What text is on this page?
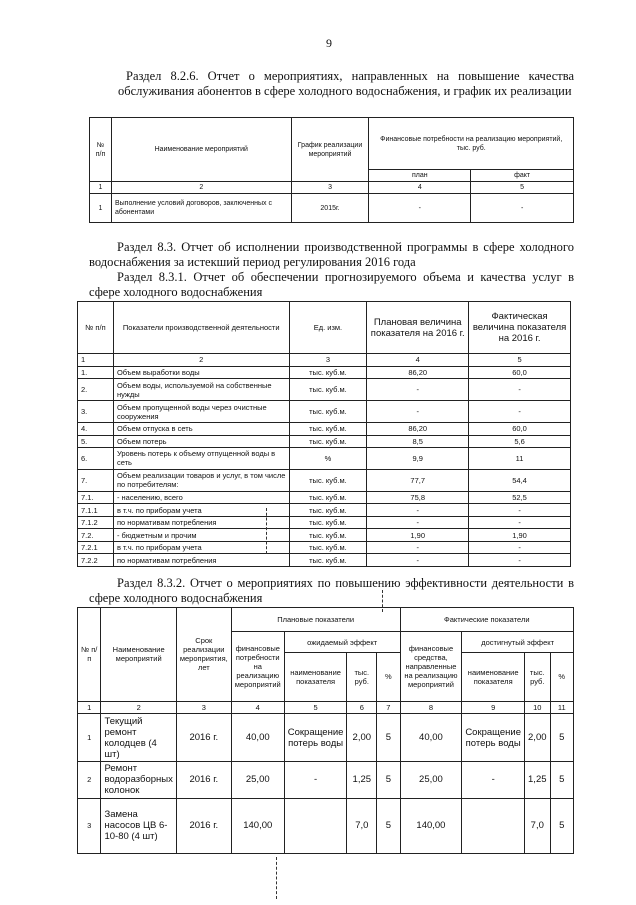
9

Раздел 8.2.6. Отчет о мероприятиях, направленных на повышение качества обслуживания абонентов в сфере холодного водоснабжения, и график их реализации

№ п/п	Наименование мероприятий	График реализации мероприятий	Финансовые потребности на реализацию мероприятий, тыс. руб.	
			план	факт
1	2	3	4	5
1	Выполнение условий договоров, заключенных с абонентами	2015г.	-	-

Раздел 8.3. Отчет об исполнении производственной программы в сфере холодного водоснабжения за истекший период регулирования 2016 года

Раздел 8.3.1. Отчет об обеспечении прогнозируемого объема и качества услуг в сфере холодного водоснабжения

№ п/п	Показатели производственной деятельности	Ед. изм.	Плановая величина показателя на 2016 г.	Фактическая величина показателя на 2016 г.
1	2	3	4	5
1.	Объем выработки воды	тыс. куб.м.	86,20	60,0
2.	Объем воды, используемой на собственные нужды	тыс. куб.м.	-	-
3.	Объем пропущенной воды через очистные сооружения	тыс. куб.м.	-	-
4.	Объем отпуска в сеть	тыс. куб.м.	86,20	60,0
5.	Объем потерь	тыс. куб.м.	8,5	5,6
6.	Уровень потерь к объему отпущенной воды в сеть	%	9,9	11
7.	Объем реализации товаров и услуг, в том числе по потребителям:	тыс. куб.м.	77,7	54,4
7.1.	- населению, всего	тыс. куб.м.	75,8	52,5
7.1.1	в т.ч. по приборам учета	тыс. куб.м.	-	-
7.1.2	по нормативам потребления	тыс. куб.м.	-	-
7.2.	- бюджетным и прочим	тыс. куб.м.	1,90	1,90
7.2.1	в т.ч. по приборам учета	тыс. куб.м.	-	-
7.2.2	по нормативам потребления	тыс. куб.м.	-	-

Раздел 8.3.2. Отчет о мероприятиях по повышению эффективности деятельности в сфере холодного водоснабжения

№ п/п	Наименование мероприятий	Срок реализации мероприятия, лет	Плановые показатели				Фактические показатели			
			финансовые потребности на реализацию мероприятий	ожидаемый эффект			финансовые средства, направленные на реализацию мероприятий	достигнутый эффект		
				наименование показателя	тыс. руб.	%		наименование показателя	тыс. руб.	%
1	2	3	4	5	6	7	8	9	10	11
1	Текущий ремонт колодцев (4 шт)	2016 г.	40,00	Сокращение потерь воды	2,00	5	40,00	Сокращение потерь воды	2,00	5
2	Ремонт водоразборных колонок	2016 г.	25,00	-	1,25	5	25,00	-	1,25	5
3	Замена насосов ЦВ 6-10-80 (4 шт)	2016 г.	140,00		7,0	5	140,00		7,0	5
